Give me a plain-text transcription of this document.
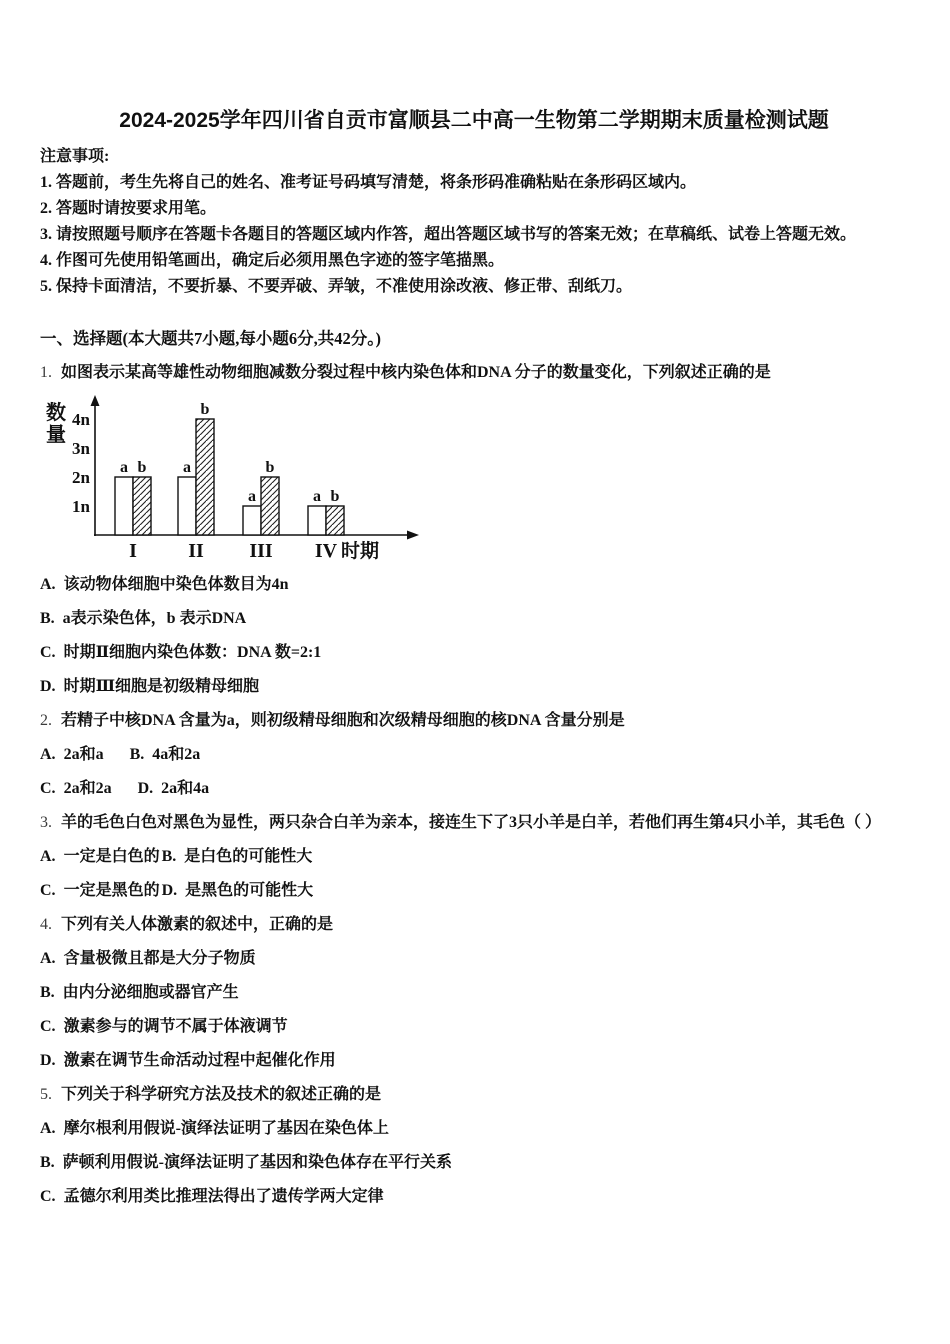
2024-2025学年四川省自贡市富顺县二中高一生物第二学期期末质量检测试题

注意事项:

1. 答题前，考生先将自己的姓名、准考证号码填写清楚，将条形码准确粘贴在条形码区域内。

2. 答题时请按要求用笔。

3. 请按照题号顺序在答题卡各题目的答题区域内作答，超出答题区域书写的答案无效；在草稿纸、试卷上答题无效。

4. 作图可先使用铅笔画出，确定后必须用黑色字迹的签字笔描黑。

5. 保持卡面清洁，不要折暴、不要弄破、弄皱，不准使用涂改液、修正带、刮纸刀。

一、选择题(本大题共7小题,每小题6分,共42分。)

1. 如图表示某高等雄性动物细胞减数分裂过程中核内染色体和DNA 分子的数量变化，下列叙述正确的是

1n
2n
3n
4n
数
量
a b
I
a
b
II
a
b
III
a b
IV 时期

A. 该动物体细胞中染色体数目为4n

B. a表示染色体，b 表示DNA

C. 时期Ⅱ细胞内染色体数：DNA 数=2:1

D. 时期Ⅲ细胞是初级精母细胞

2. 若精子中核DNA 含量为a，则初级精母细胞和次级精母细胞的核DNA 含量分别是

A. 2a和a B. 4a和2a

C. 2a和2a D. 2a和4a

3. 羊的毛色白色对黑色为显性，两只杂合白羊为亲本，接连生下了3只小羊是白羊，若他们再生第4只小羊，其毛色（ ）

A. 一定是白色的 B. 是白色的可能性大

C. 一定是黑色的 D. 是黑色的可能性大

4. 下列有关人体激素的叙述中，正确的是

A. 含量极微且都是大分子物质

B. 由内分泌细胞或器官产生

C. 激素参与的调节不属于体液调节

D. 激素在调节生命活动过程中起催化作用

5. 下列关于科学研究方法及技术的叙述正确的是

A. 摩尔根利用假说-演绎法证明了基因在染色体上

B. 萨顿利用假说-演绎法证明了基因和染色体存在平行关系

C. 孟德尔利用类比推理法得出了遗传学两大定律
